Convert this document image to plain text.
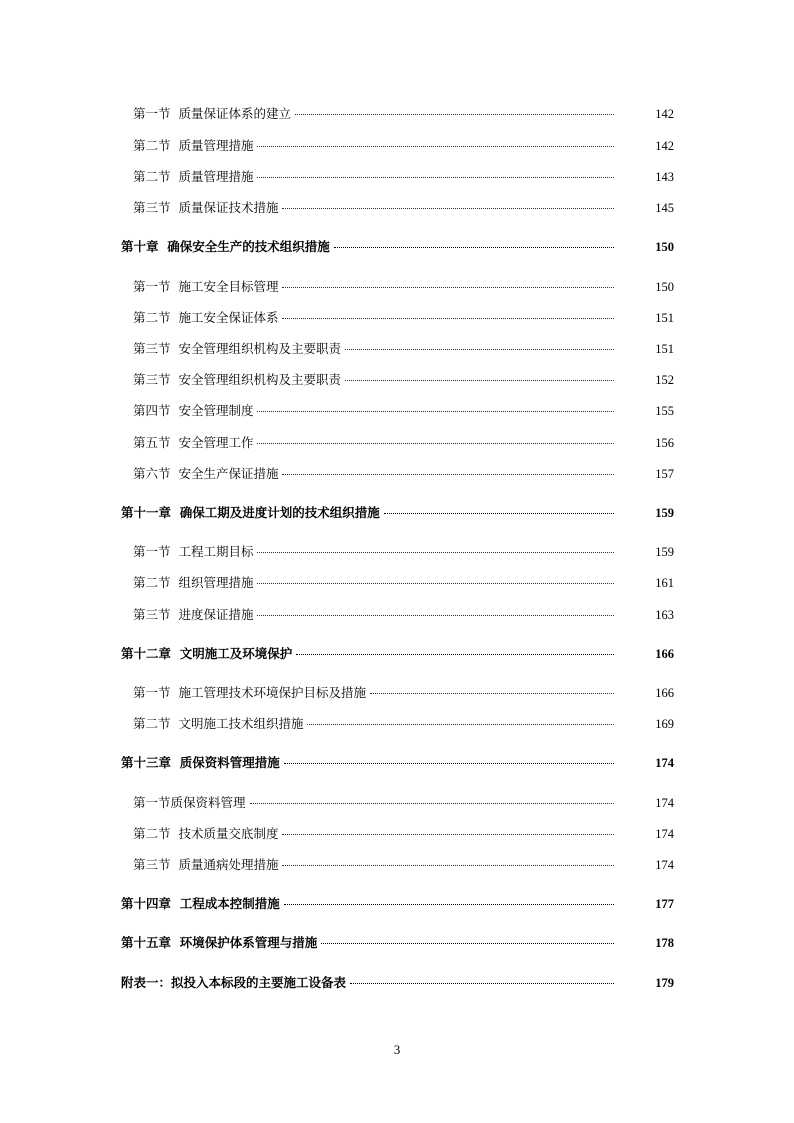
第一节  质量保证体系的建立	142
第二节  质量管理措施	142
第二节  质量管理措施	143
第三节  质量保证技术措施	145
第十章  确保安全生产的技术组织措施	150
第一节  施工安全目标管理	150
第二节  施工安全保证体系	151
第三节  安全管理组织机构及主要职责	151
第三节  安全管理组织机构及主要职责	152
第四节  安全管理制度	155
第五节  安全管理工作	156
第六节  安全生产保证措施	157
第十一章  确保工期及进度计划的技术组织措施	159
第一节  工程工期目标	159
第二节  组织管理措施	161
第三节  进度保证措施	163
第十二章  文明施工及环境保护	166
第一节  施工管理技术环境保护目标及措施	166
第二节  文明施工技术组织措施	169
第十三章  质保资料管理措施	174
第一节质保资料管理	174
第二节  技术质量交底制度	174
第三节  质量通病处理措施	174
第十四章  工程成本控制措施	177
第十五章  环境保护体系管理与措施	178
附表一：拟投入本标段的主要施工设备表	179
3
